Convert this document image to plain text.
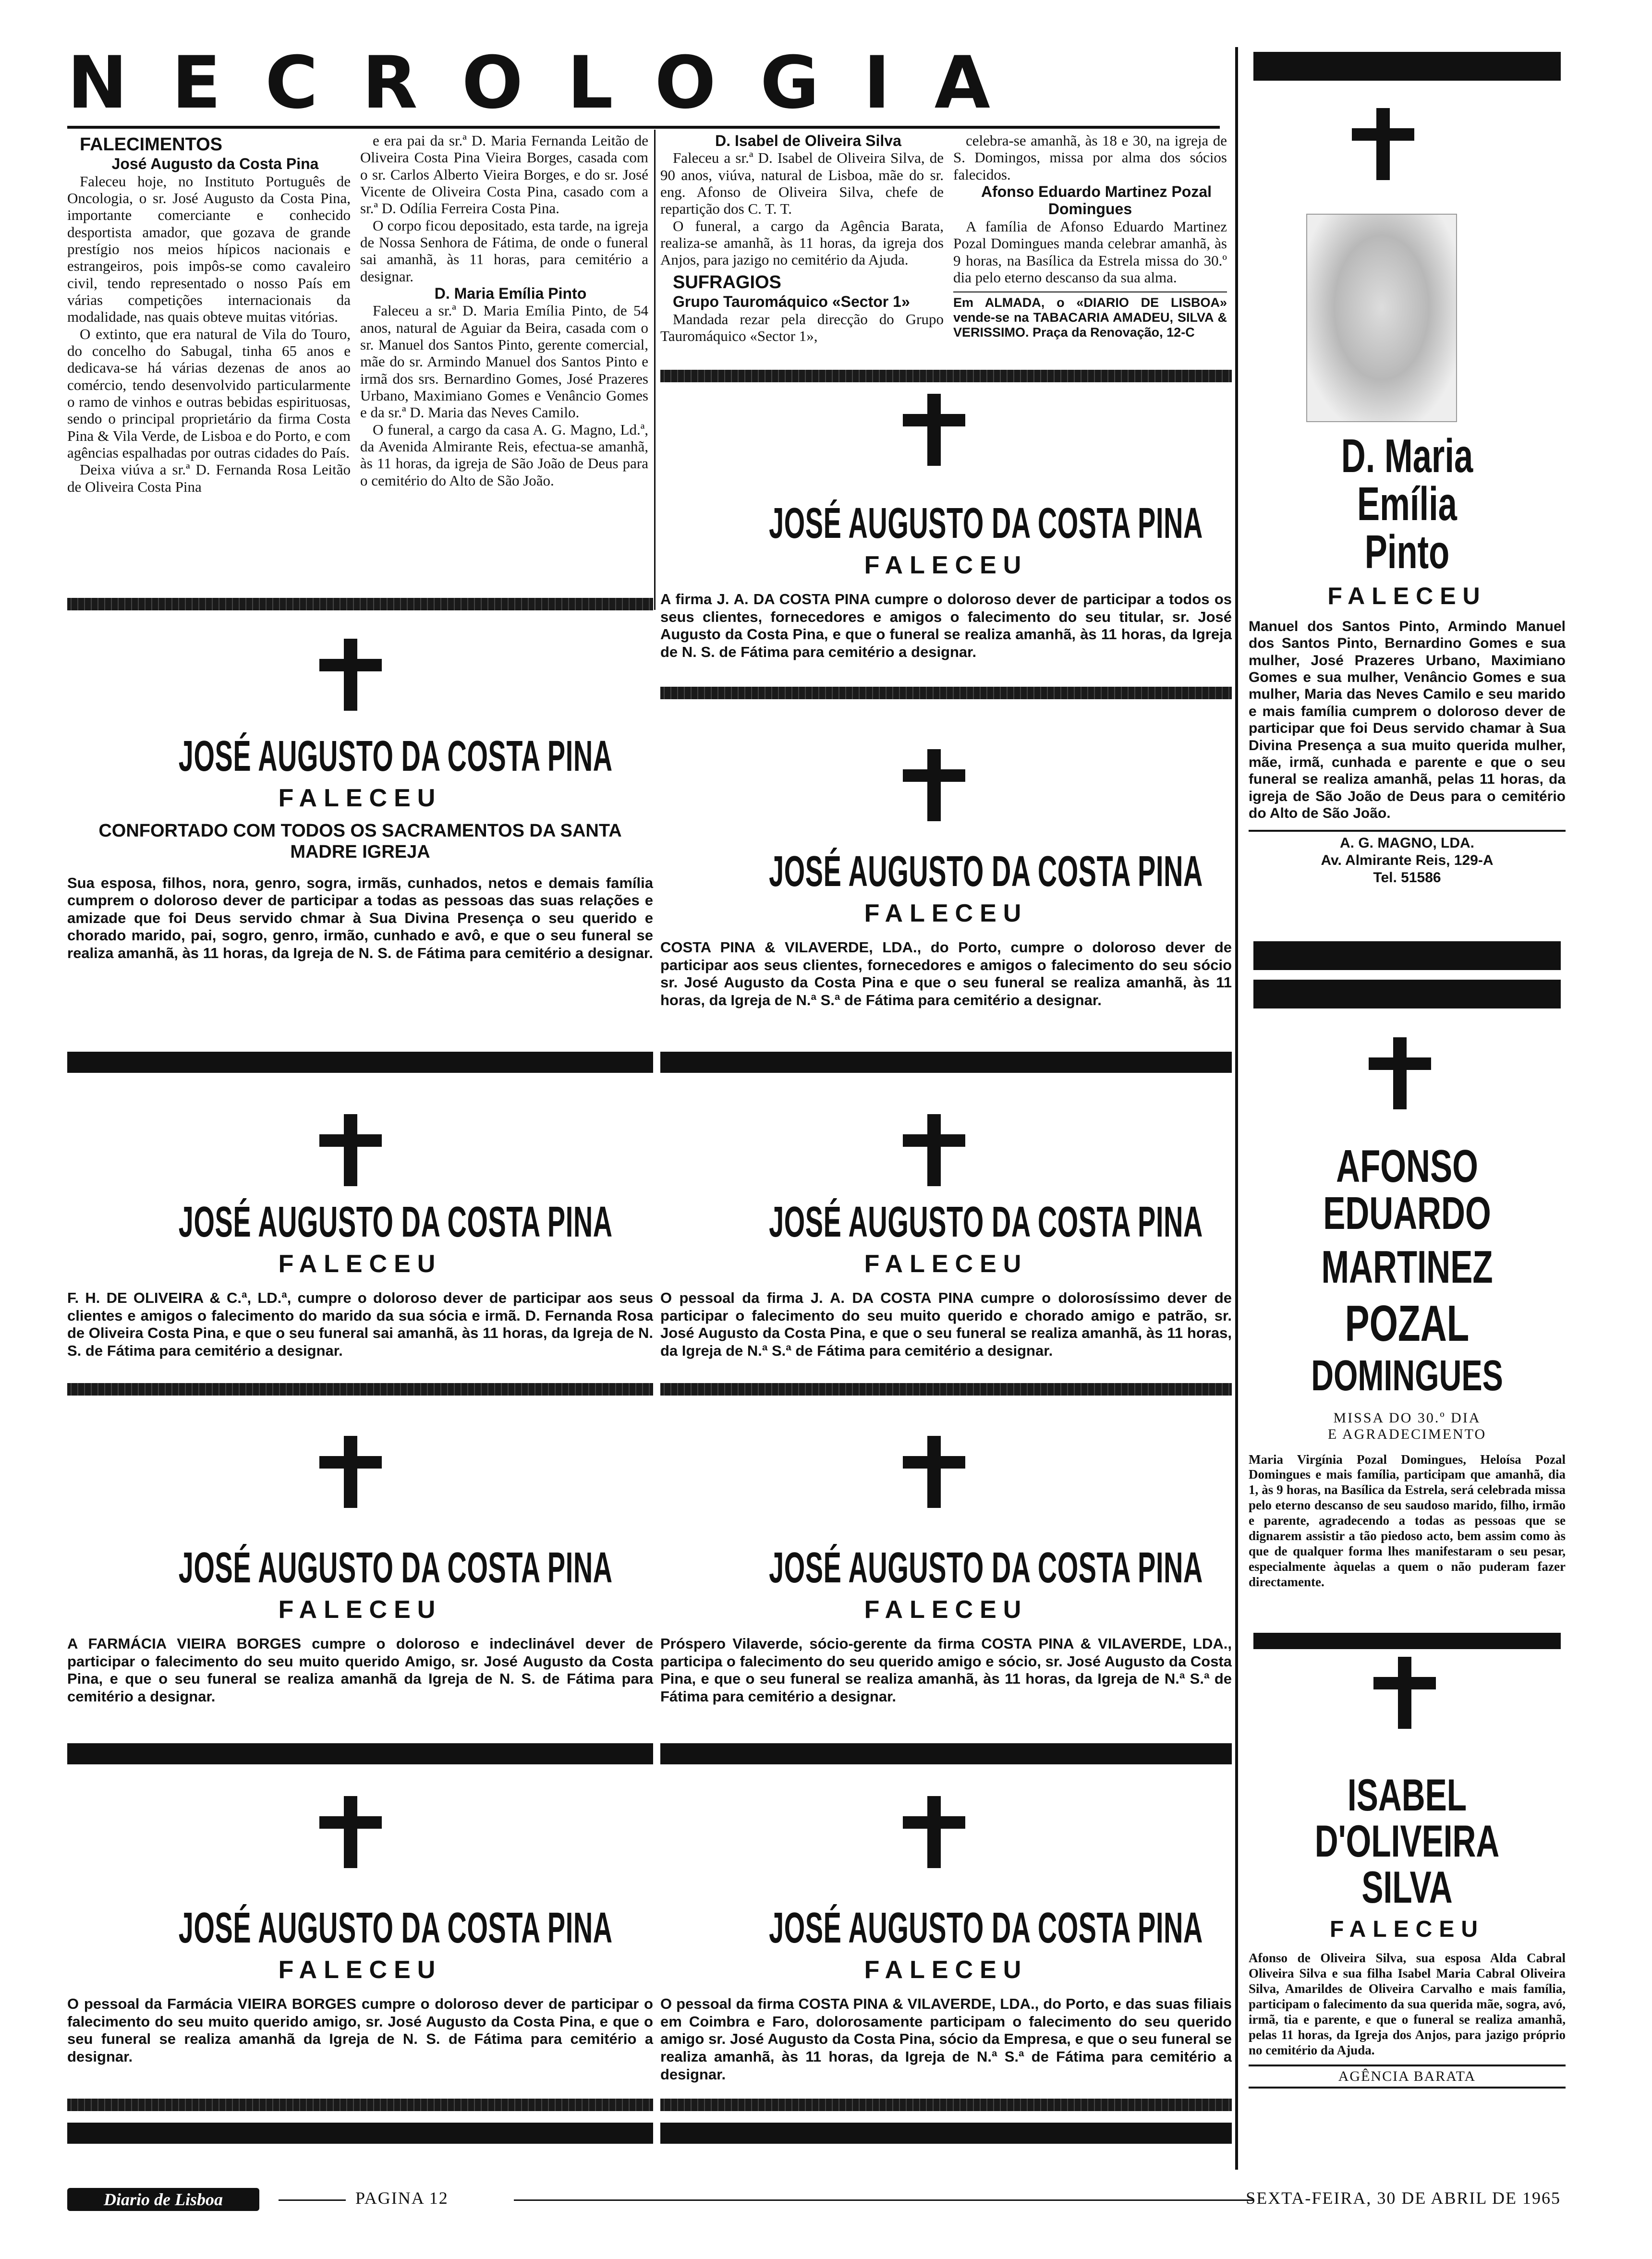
NECROLOGIA

FALECIMENTOS

José Augusto da Costa Pina

Faleceu hoje, no Instituto Português de Oncologia, o sr. José Augusto da Costa Pina, importante comerciante e conhecido desportista amador, que gozava de grande prestígio nos meios hípicos nacionais e estrangeiros, pois impôs-se como cavaleiro civil, tendo representado o nosso País em várias competições internacionais da modalidade, nas quais obteve muitas vitórias.

O extinto, que era natural de Vila do Touro, do concelho do Sabugal, tinha 65 anos e dedicava-se há várias dezenas de anos ao comércio, tendo desenvolvido particularmente o ramo de vinhos e outras bebidas espirituosas, sendo o principal proprietário da firma Costa Pina & Vila Verde, de Lisboa e do Porto, e com agências espalhadas por outras cidades do País.

Deixa viúva a sr.ª D. Fernanda Rosa Leitão de Oliveira Costa Pina

e era pai da sr.ª D. Maria Fernanda Leitão de Oliveira Costa Pina Vieira Borges, casada com o sr. Carlos Alberto Vieira Borges, e do sr. José Vicente de Oliveira Costa Pina, casado com a sr.ª D. Odília Ferreira Costa Pina.

O corpo ficou depositado, esta tarde, na igreja de Nossa Senhora de Fátima, de onde o funeral sai amanhã, às 11 horas, para cemitério a designar.

D. Maria Emília Pinto

Faleceu a sr.ª D. Maria Emília Pinto, de 54 anos, natural de Aguiar da Beira, casada com o sr. Manuel dos Santos Pinto, gerente comercial, mãe do sr. Armindo Manuel dos Santos Pinto e irmã dos srs. Bernardino Gomes, José Prazeres Urbano, Maximiano Gomes e Venâncio Gomes e da sr.ª D. Maria das Neves Camilo.

O funeral, a cargo da casa A. G. Magno, Ld.ª, da Avenida Almirante Reis, efectua-se amanhã, às 11 horas, da igreja de São João de Deus para o cemitério do Alto de São João.

D. Isabel de Oliveira Silva

Faleceu a sr.ª D. Isabel de Oliveira Silva, de 90 anos, viúva, natural de Lisboa, mãe do sr. eng. Afonso de Oliveira Silva, chefe de repartição dos C. T. T.

O funeral, a cargo da Agência Barata, realiza-se amanhã, às 11 horas, da igreja dos Anjos, para jazigo no cemitério da Ajuda.

SUFRAGIOS

Grupo Tauromáquico «Sector 1»

Mandada rezar pela direcção do Grupo Tauromáquico «Sector 1»,

celebra-se amanhã, às 18 e 30, na igreja de S. Domingos, missa por alma dos sócios falecidos.

Afonso Eduardo Martinez Pozal Domingues

A família de Afonso Eduardo Martinez Pozal Domingues manda celebrar amanhã, às 9 horas, na Basílica da Estrela missa do 30.º dia pelo eterno descanso da sua alma.

Em ALMADA, o «DIARIO DE LISBOA» vende-se na TABACARIA AMADEU, SILVA & VERISSIMO. Praça da Renovação, 12-C

JOSÉ AUGUSTO DA COSTA PINA
FALECEU
CONFORTADO COM TODOS OS SACRAMENTOS DA SANTA MADRE IGREJA
Sua esposa, filhos, nora, genro, sogra, irmãs, cunhados, netos e demais família cumprem o doloroso dever de participar a todas as pessoas das suas relações e amizade que foi Deus servido chmar à Sua Divina Presença o seu querido e chorado marido, pai, sogro, genro, irmão, cunhado e avô, e que o seu funeral se realiza amanhã, às 11 horas, da Igreja de N. S. de Fátima para cemitério a designar.
JOSÉ AUGUSTO DA COSTA PINA
FALECEU
A firma J. A. DA COSTA PINA cumpre o doloroso dever de participar a todos os seus clientes, fornecedores e amigos o falecimento do seu titular, sr. José Augusto da Costa Pina, e que o funeral se realiza amanhã, às 11 horas, da Igreja de N. S. de Fátima para cemitério a designar.
JOSÉ AUGUSTO DA COSTA PINA
FALECEU
COSTA PINA & VILAVERDE, LDA., do Porto, cumpre o doloroso dever de participar aos seus clientes, fornecedores e amigos o falecimento do seu sócio sr. José Augusto da Costa Pina e que o seu funeral se realiza amanhã, às 11 horas, da Igreja de N.ª S.ª de Fátima para cemitério a designar.
JOSÉ AUGUSTO DA COSTA PINA
FALECEU
F. H. DE OLIVEIRA & C.ª, LD.ª, cumpre o doloroso dever de participar aos seus clientes e amigos o falecimento do marido da sua sócia e irmã. D. Fernanda Rosa de Oliveira Costa Pina, e que o seu funeral sai amanhã, às 11 horas, da Igreja de N. S. de Fátima para cemitério a designar.
JOSÉ AUGUSTO DA COSTA PINA
FALECEU
O pessoal da firma J. A. DA COSTA PINA cumpre o dolorosíssimo dever de participar o falecimento do seu muito querido e chorado amigo e patrão, sr. José Augusto da Costa Pina, e que o seu funeral se realiza amanhã, às 11 horas, da Igreja de N.ª S.ª de Fátima para cemitério a designar.
JOSÉ AUGUSTO DA COSTA PINA
FALECEU
A FARMÁCIA VIEIRA BORGES cumpre o doloroso e indeclinável dever de participar o falecimento do seu muito querido Amigo, sr. José Augusto da Costa Pina, e que o seu funeral se realiza amanhã da Igreja de N. S. de Fátima para cemitério a designar.
JOSÉ AUGUSTO DA COSTA PINA
FALECEU
Próspero Vilaverde, sócio-gerente da firma COSTA PINA & VILAVERDE, LDA., participa o falecimento do seu querido amigo e sócio, sr. José Augusto da Costa Pina, e que o seu funeral se realiza amanhã, às 11 horas, da Igreja de N.ª S.ª de Fátima para cemitério a designar.
JOSÉ AUGUSTO DA COSTA PINA
FALECEU
O pessoal da Farmácia VIEIRA BORGES cumpre o doloroso dever de participar o falecimento do seu muito querido amigo, sr. José Augusto da Costa Pina, e que o seu funeral se realiza amanhã da Igreja de N. S. de Fátima para cemitério a designar.
JOSÉ AUGUSTO DA COSTA PINA
FALECEU
O pessoal da firma COSTA PINA & VILAVERDE, LDA., do Porto, e das suas filiais em Coimbra e Faro, dolorosamente participam o falecimento do seu querido amigo sr. José Augusto da Costa Pina, sócio da Empresa, e que o seu funeral se realiza amanhã, às 11 horas, da Igreja de N.ª S.ª de Fátima para cemitério a designar.
D. Maria Emília
Pinto
FALECEU
Manuel dos Santos Pinto, Armindo Manuel dos Santos Pinto, Bernardino Gomes e sua mulher, José Prazeres Urbano, Maximiano Gomes e sua mulher, Venâncio Gomes e sua mulher, Maria das Neves Camilo e seu marido e mais família cumprem o doloroso dever de participar que foi Deus servido chamar à Sua Divina Presença a sua muito querida mulher, mãe, irmã, cunhada e parente e que o seu funeral se realiza amanhã, pelas 11 horas, da igreja de São João de Deus para o cemitério do Alto de São João.
A. G. MAGNO, LDA.
Av. Almirante Reis, 129-A
Tel. 51586
AFONSO EDUARDO
MARTINEZ
POZAL
DOMINGUES
MISSA DO 30.º DIA
E AGRADECIMENTO
Maria Virgínia Pozal Domingues, Heloísa Pozal Domingues e mais família, participam que amanhã, dia 1, às 9 horas, na Basílica da Estrela, será celebrada missa pelo eterno descanso de seu saudoso marido, filho, irmão e parente, agradecendo a todas as pessoas que se dignarem assistir a tão piedoso acto, bem assim como às que de qualquer forma lhes manifestaram o seu pesar, especialmente àquelas a quem o não puderam fazer directamente.
ISABEL D'OLIVEIRA
SILVA
FALECEU
Afonso de Oliveira Silva, sua esposa Alda Cabral Oliveira Silva e sua filha Isabel Maria Cabral Oliveira Silva, Amarildes de Oliveira Carvalho e mais família, participam o falecimento da sua querida mãe, sogra, avó, irmã, tia e parente, e que o funeral se realiza amanhã, pelas 11 horas, da Igreja dos Anjos, para jazigo próprio no cemitério da Ajuda.
AGÊNCIA BARATA
Diario de Lisboa	PAGINA 12	SEXTA-FEIRA, 30 DE ABRIL DE 1965
